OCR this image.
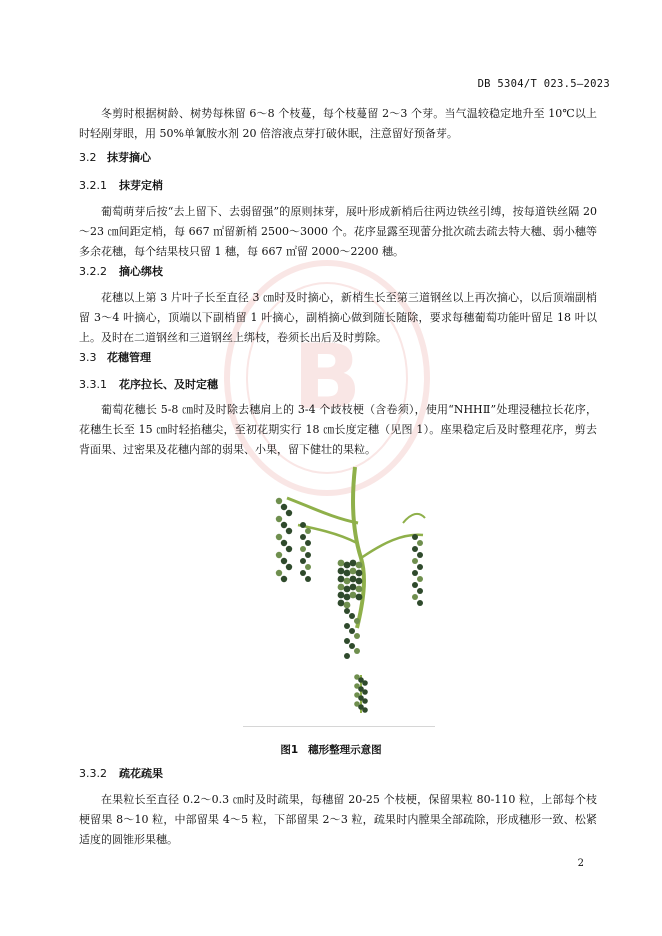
B
DB 5304/T 023.5—2023
冬剪时根据树龄、树势每株留 6～8 个枝蔓，每个枝蔓留 2～3 个芽。当气温较稳定地升至 10℃以上时轻剐芽眼，用 50%单氰胺水剂 20 倍溶液点芽打破休眠，注意留好预备芽。
3.2 抹芽摘心
3.2.1 抹芽定梢
葡萄萌芽后按“去上留下、去弱留强”的原则抹芽，展叶形成新梢后往两边铁丝引缚，按每道铁丝隔 20～23 ㎝间距定梢，每 667 ㎡留新梢 2500～3000 个。花序显露至现蕾分批次疏去疏去特大穗、弱小穗等多余花穗，每个结果枝只留 1 穗，每 667 ㎡留 2000～2200 穗。
3.2.2 摘心绑枝
花穗以上第 3 片叶子长至直径 3 ㎝时及时摘心，新梢生长至第三道钢丝以上再次摘心，以后顶端副梢留 3～4 叶摘心，顶端以下副梢留 1 叶摘心，副梢摘心做到随长随除，要求每穗葡萄功能叶留足 18 叶以上。及时在二道钢丝和三道钢丝上绑枝，卷须长出后及时剪除。
3.3 花穗管理
3.3.1 花序拉长、及时定穗
葡萄花穗长 5-8 ㎝时及时除去穗肩上的 3-4 个歧枝梗（含卷须），使用“NHHⅡ”处理浸穗拉长花序，花穗生长至 15 ㎝时轻掐穗尖，至初花期实行 18 ㎝长度定穗（见图 1）。座果稳定后及时整理花序，剪去背面果、过密果及花穗内部的弱果、小果，留下健壮的果粒。
图1 穗形整理示意图
3.3.2 疏花疏果
在果粒长至直径 0.2～0.3 ㎝时及时疏果，每穗留 20-25 个枝梗，保留果粒 80-110 粒，上部每个枝梗留果 8～10 粒，中部留果 4～5 粒，下部留果 2～3 粒，疏果时内膛果全部疏除，形成穗形一致、松紧适度的圆锥形果穗。
2
